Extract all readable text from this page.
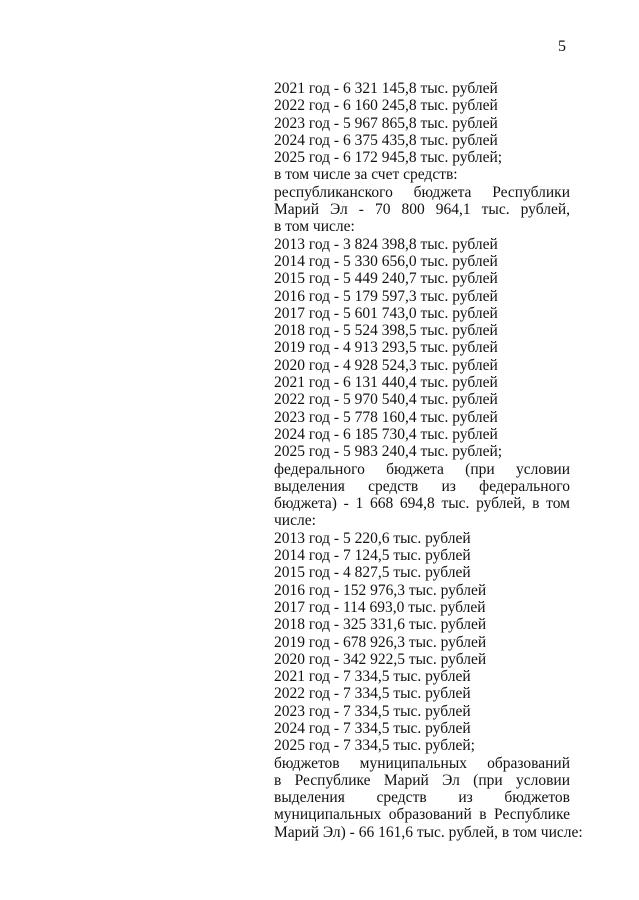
5
2021 год - 6 321 145,8 тыс. рублей
2022 год - 6 160 245,8 тыс. рублей
2023 год - 5 967 865,8 тыс. рублей
2024 год - 6 375 435,8 тыс. рублей
2025 год - 6 172 945,8 тыс. рублей;
в том числе за счет средств:
республиканского бюджета Республики
Марий Эл - 70 800 964,1 тыс. рублей,
в том числе:
2013 год - 3 824 398,8 тыс. рублей
2014 год - 5 330 656,0 тыс. рублей
2015 год - 5 449 240,7 тыс. рублей
2016 год - 5 179 597,3 тыс. рублей
2017 год - 5 601 743,0 тыс. рублей
2018 год - 5 524 398,5 тыс. рублей
2019 год - 4 913 293,5 тыс. рублей
2020 год - 4 928 524,3 тыс. рублей
2021 год - 6 131 440,4 тыс. рублей
2022 год - 5 970 540,4 тыс. рублей
2023 год - 5 778 160,4 тыс. рублей
2024 год - 6 185 730,4 тыс. рублей
2025 год - 5 983 240,4 тыс. рублей;
федерального бюджета (при условии
выделения средств из федерального
бюджета) - 1 668 694,8 тыс. рублей, в том
числе:
2013 год - 5 220,6 тыс. рублей
2014 год - 7 124,5 тыс. рублей
2015 год - 4 827,5 тыс. рублей
2016 год - 152 976,3 тыс. рублей
2017 год - 114 693,0 тыс. рублей
2018 год - 325 331,6 тыс. рублей
2019 год - 678 926,3 тыс. рублей
2020 год - 342 922,5 тыс. рублей
2021 год - 7 334,5 тыс. рублей
2022 год - 7 334,5 тыс. рублей
2023 год - 7 334,5 тыс. рублей
2024 год - 7 334,5 тыс. рублей
2025 год - 7 334,5 тыс. рублей;
бюджетов муниципальных образований
в Республике Марий Эл (при условии
выделения средств из бюджетов
муниципальных образований в Республике
Марий Эл) - 66 161,6 тыс. рублей, в том числе:
